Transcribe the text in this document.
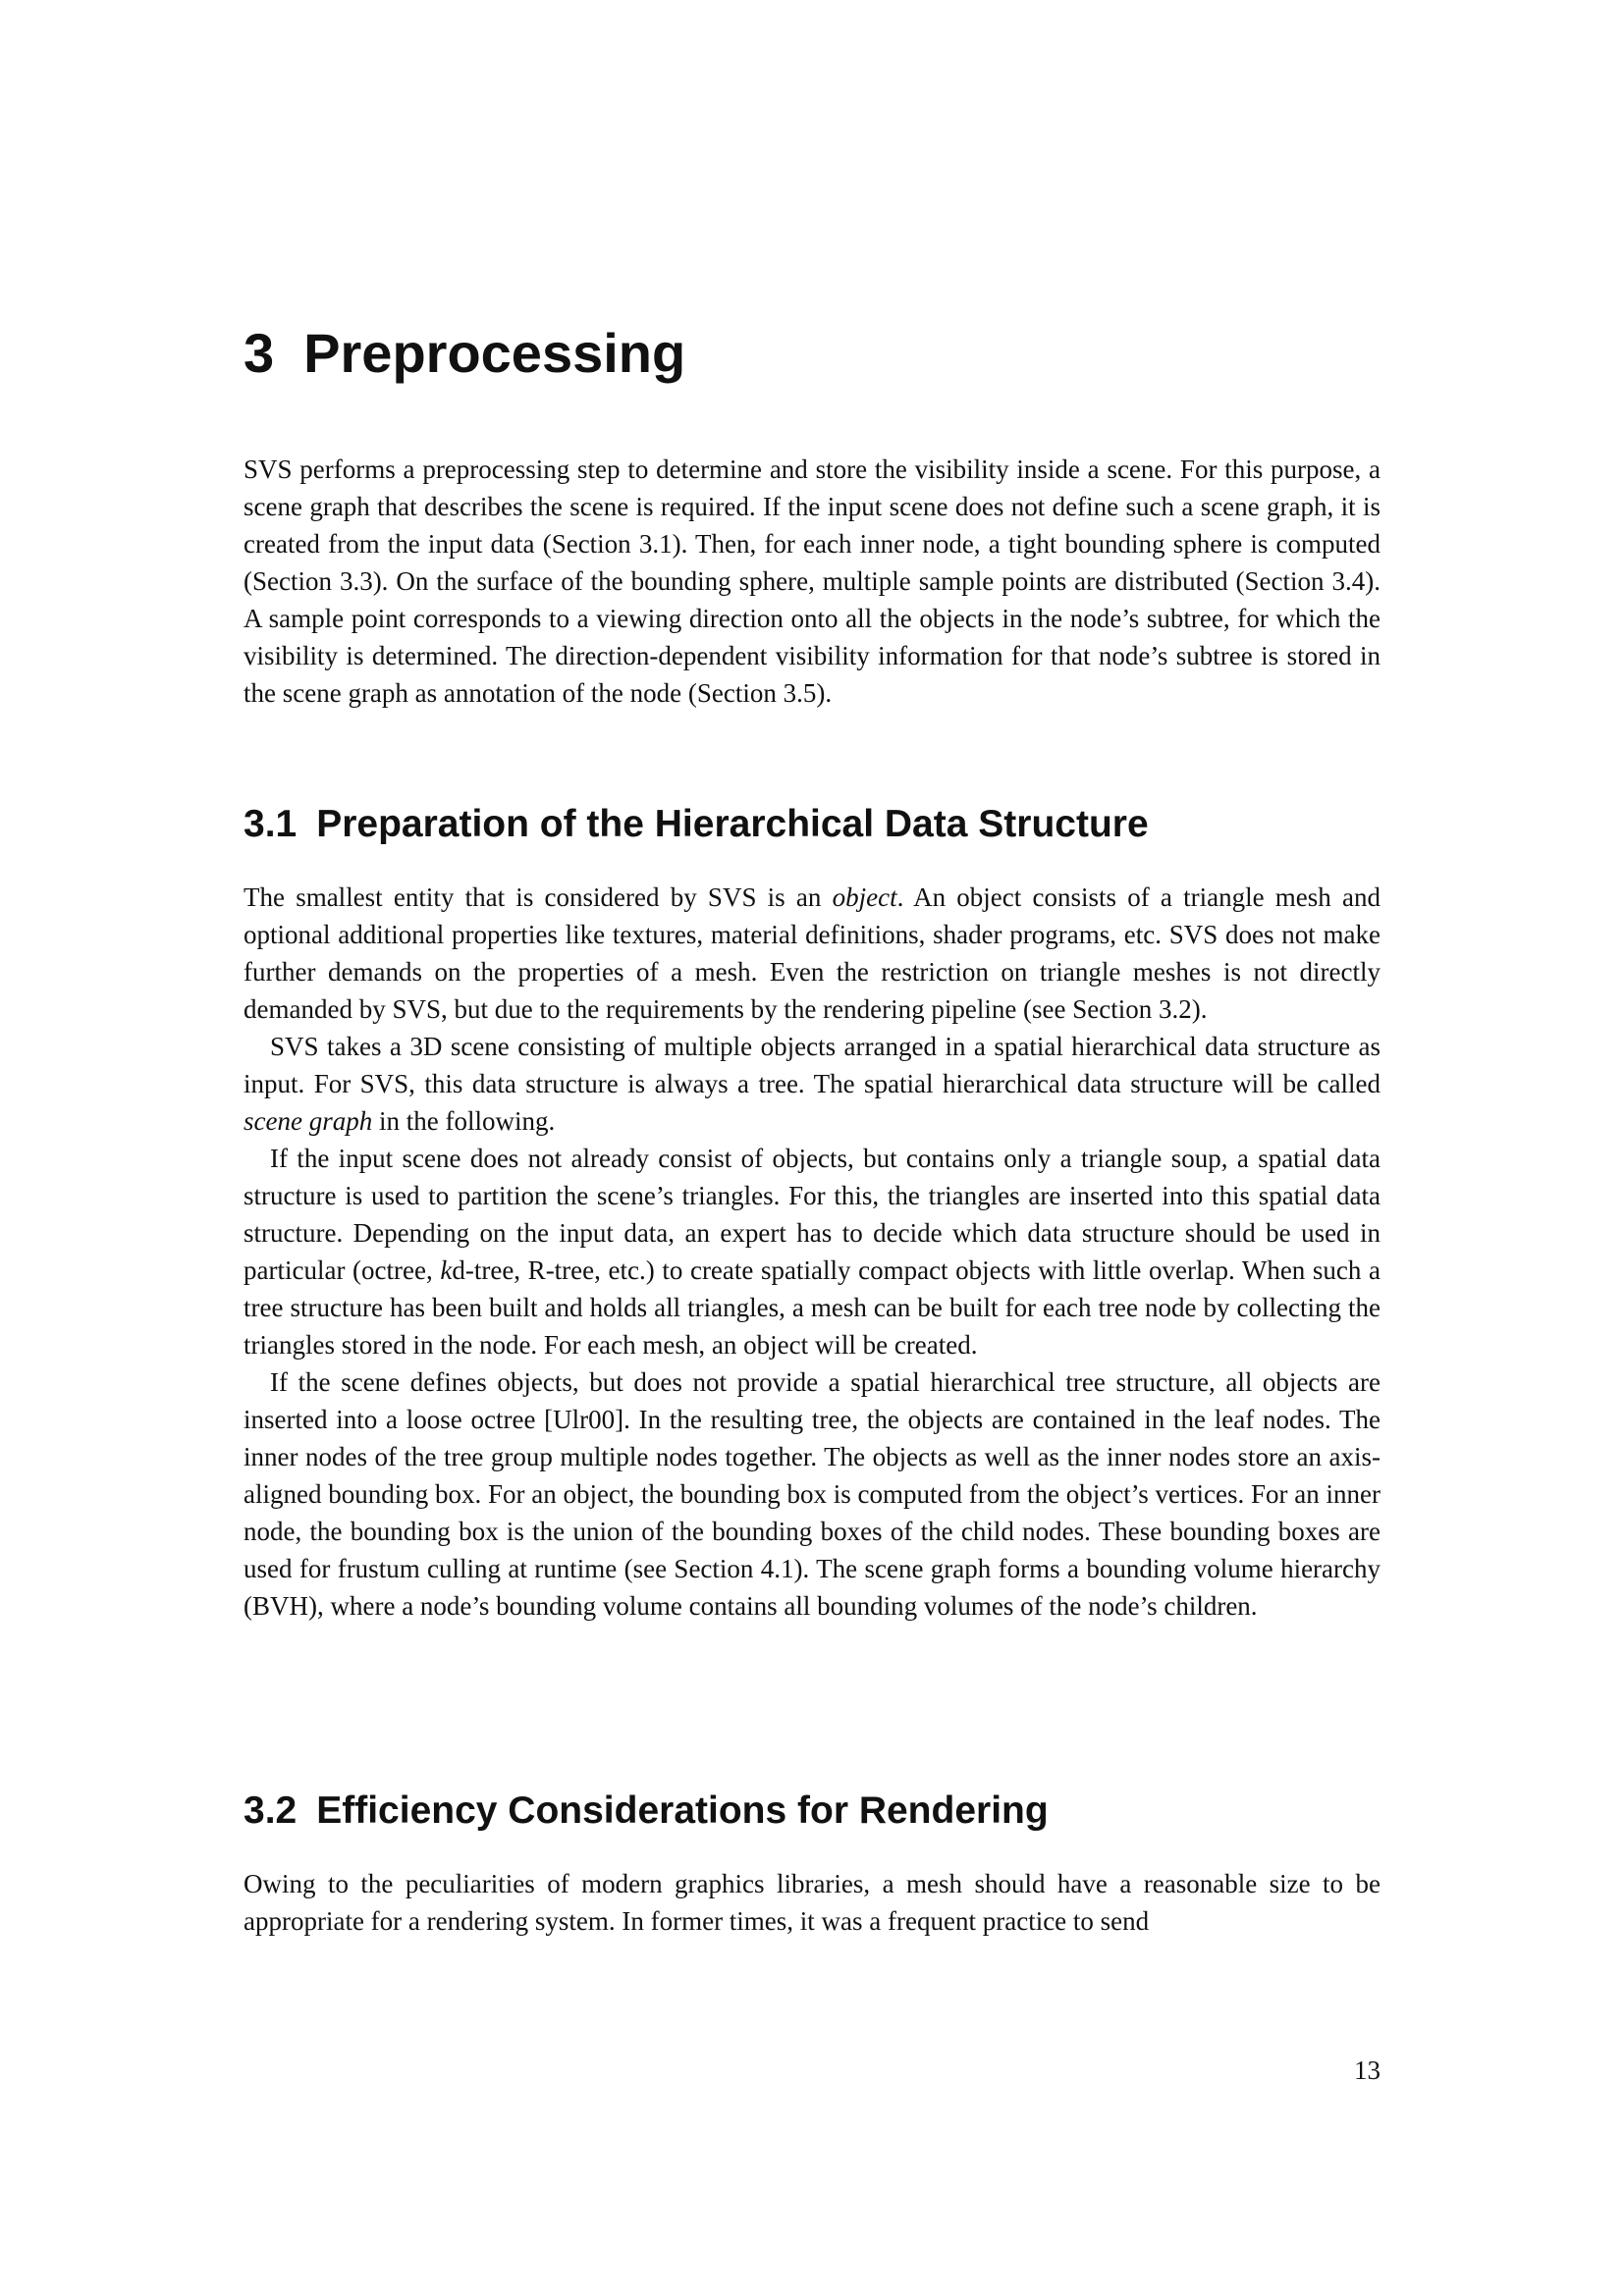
3 Preprocessing

SVS performs a preprocessing step to determine and store the visibility inside a scene. For this purpose, a scene graph that describes the scene is required. If the input scene does not define such a scene graph, it is created from the input data (Section 3.1). Then, for each inner node, a tight bounding sphere is computed (Section 3.3). On the surface of the bounding sphere, multiple sample points are distributed (Section 3.4). A sample point corresponds to a viewing direction onto all the objects in the node’s subtree, for which the visibility is determined. The direction-dependent visibility information for that node’s subtree is stored in the scene graph as annotation of the node (Section 3.5).

3.1 Preparation of the Hierarchical Data Structure

The smallest entity that is considered by SVS is an object. An object consists of a triangle mesh and optional additional properties like textures, material definitions, shader programs, etc. SVS does not make further demands on the properties of a mesh. Even the restriction on triangle meshes is not directly demanded by SVS, but due to the requirements by the rendering pipeline (see Section 3.2).

SVS takes a 3D scene consisting of multiple objects arranged in a spatial hierarchical data structure as input. For SVS, this data structure is always a tree. The spatial hierarchical data structure will be called scene graph in the following.

If the input scene does not already consist of objects, but contains only a triangle soup, a spatial data structure is used to partition the scene’s triangles. For this, the triangles are inserted into this spatial data structure. Depending on the input data, an expert has to decide which data structure should be used in particular (octree, kd-tree, R-tree, etc.) to create spatially compact objects with little overlap. When such a tree structure has been built and holds all triangles, a mesh can be built for each tree node by collecting the triangles stored in the node. For each mesh, an object will be created.

If the scene defines objects, but does not provide a spatial hierarchical tree structure, all objects are inserted into a loose octree [Ulr00]. In the resulting tree, the objects are contained in the leaf nodes. The inner nodes of the tree group multiple nodes together. The objects as well as the inner nodes store an axis-aligned bounding box. For an object, the bounding box is computed from the object’s vertices. For an inner node, the bounding box is the union of the bounding boxes of the child nodes. These bounding boxes are used for frustum culling at runtime (see Section 4.1). The scene graph forms a bounding volume hierarchy (BVH), where a node’s bounding volume contains all bounding volumes of the node’s children.

3.2 Efficiency Considerations for Rendering

Owing to the peculiarities of modern graphics libraries, a mesh should have a reasonable size to be appropriate for a rendering system. In former times, it was a frequent practice to send

13
